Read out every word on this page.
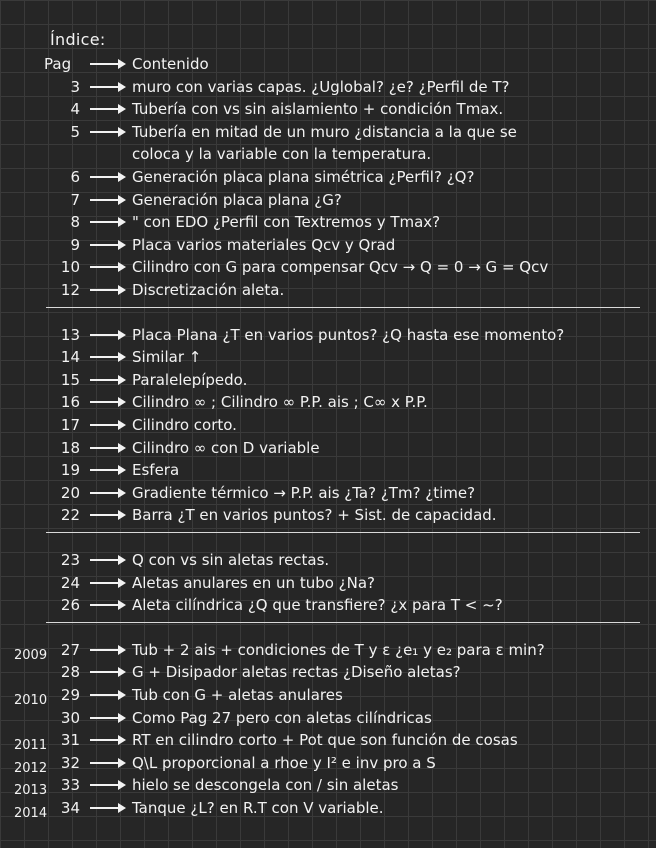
Índice:
Pag	Contenido
3	muro con varias capas. ¿Uglobal? ¿e? ¿Perfil de T?
4	Tubería con vs sin aislamiento + condición Tmax.
5	Tubería en mitad de un muro ¿distancia a la que se
coloca y la variable con la temperatura.
6	Generación placa plana simétrica ¿Perfil? ¿Q?
7	Generación placa plana ¿G?
8	" con EDO ¿Perfil con Textremos y Tmax?
9	Placa varios materiales Qcv y Qrad
10	Cilindro con G para compensar Qcv → Q = 0 → G = Qcv
12	Discretización aleta.
13	Placa Plana ¿T en varios puntos? ¿Q hasta ese momento?
14	Similar ↑
15	Paralelepípedo.
16	Cilindro ∞ ; Cilindro ∞ P.P. ais ; C∞ x P.P.
17	Cilindro corto.
18	Cilindro ∞ con D variable
19	Esfera
20	Gradiente térmico → P.P. ais ¿Ta? ¿Tm? ¿time?
22	Barra ¿T en varios puntos? + Sist. de capacidad.
23	Q con vs sin aletas rectas.
24	Aletas anulares en un tubo ¿Na?
26	Aleta cilíndrica ¿Q que transfiere? ¿x para T < ~?
2009 27	Tub + 2 ais + condiciones de T y ε ¿e₁ y e₂ para ε min?
28	G + Disipador aletas rectas ¿Diseño aletas?
2010 29	Tub con G + aletas anulares
30	Como Pag 27 pero con aletas cilíndricas
2011 31	RT en cilindro corto + Pot que son función de cosas
2012 32	Q\L proporcional a rhoe y I² e inv pro a S
2013 33	hielo se descongela con / sin aletas
2014 34	Tanque ¿L? en R.T con V variable.
